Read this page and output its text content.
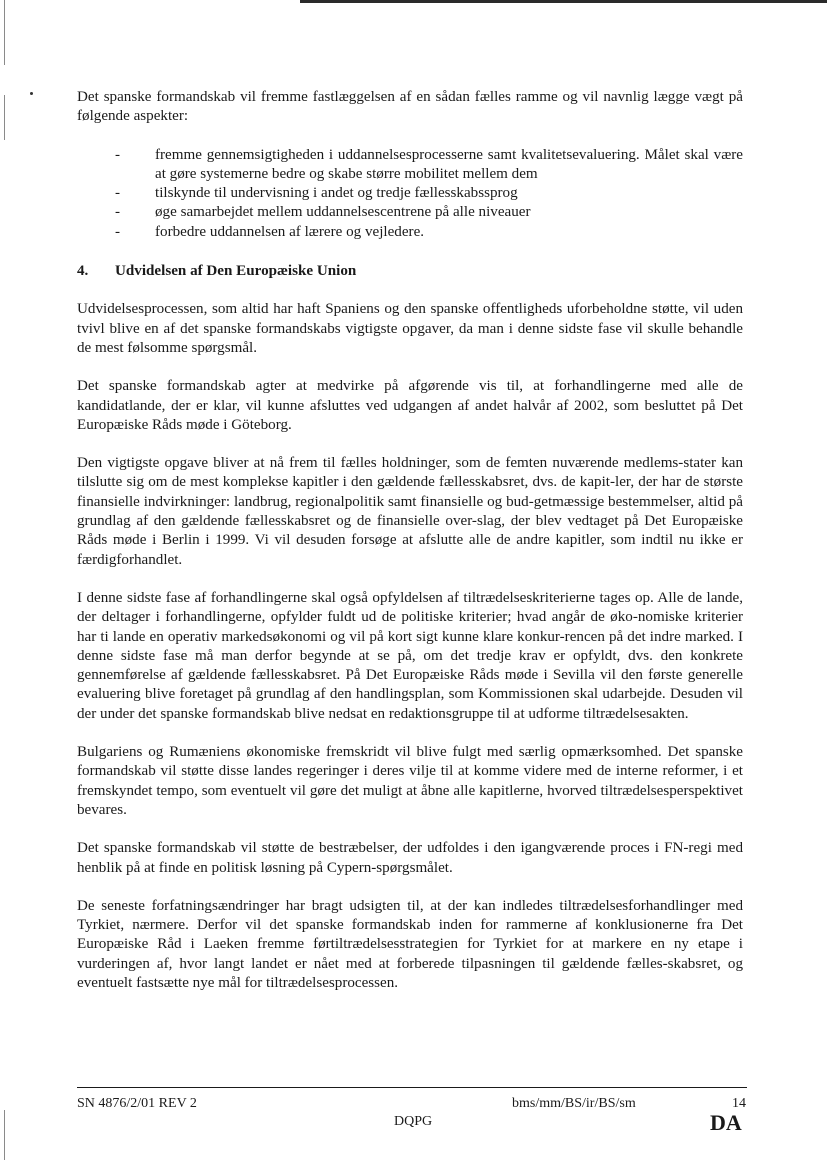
Det spanske formandskab vil fremme fastlæggelsen af en sådan fælles ramme og vil navnlig lægge vægt på følgende aspekter:

- fremme gennemsigtigheden i uddannelsesprocesserne samt kvalitetsevaluering. Målet skal være at gøre systemerne bedre og skabe større mobilitet mellem dem
- tilskynde til undervisning i andet og tredje fællesskabssprog
- øge samarbejdet mellem uddannelsescentrene på alle niveauer
- forbedre uddannelsen af lærere og vejledere.
4.	Udvidelsen af Den Europæiske Union

Udvidelsesprocessen, som altid har haft Spaniens og den spanske offentligheds uforbeholdne støtte, vil uden tvivl blive en af det spanske formandskabs vigtigste opgaver, da man i denne sidste fase vil skulle behandle de mest følsomme spørgsmål.

Det spanske formandskab agter at medvirke på afgørende vis til, at forhandlingerne med alle de kandidatlande, der er klar, vil kunne afsluttes ved udgangen af andet halvår af 2002, som besluttet på Det Europæiske Råds møde i Göteborg.

Den vigtigste opgave bliver at nå frem til fælles holdninger, som de femten nuværende medlems-stater kan tilslutte sig om de mest komplekse kapitler i den gældende fællesskabsret, dvs. de kapit-ler, der har de største finansielle indvirkninger: landbrug, regionalpolitik samt finansielle og bud-getmæssige bestemmelser, altid på grundlag af den gældende fællesskabsret og de finansielle over-slag, der blev vedtaget på Det Europæiske Råds møde i Berlin i 1999. Vi vil desuden forsøge at afslutte alle de andre kapitler, som indtil nu ikke er færdigforhandlet.

I denne sidste fase af forhandlingerne skal også opfyldelsen af tiltrædelseskriterierne tages op. Alle de lande, der deltager i forhandlingerne, opfylder fuldt ud de politiske kriterier; hvad angår de øko-nomiske kriterier har ti lande en operativ markedsøkonomi og vil på kort sigt kunne klare konkur-rencen på det indre marked. I denne sidste fase må man derfor begynde at se på, om det tredje krav er opfyldt, dvs. den konkrete gennemførelse af gældende fællesskabsret. På Det Europæiske Råds møde i Sevilla vil den første generelle evaluering blive foretaget på grundlag af den handlingsplan, som Kommissionen skal udarbejde. Desuden vil der under det spanske formandskab blive nedsat en redaktionsgruppe til at udforme tiltrædelsesakten.

Bulgariens og Rumæniens økonomiske fremskridt vil blive fulgt med særlig opmærksomhed. Det spanske formandskab vil støtte disse landes regeringer i deres vilje til at komme videre med de interne reformer, i et fremskyndet tempo, som eventuelt vil gøre det muligt at åbne alle kapitlerne, hvorved tiltrædelsesperspektivet bevares.

Det spanske formandskab vil støtte de bestræbelser, der udfoldes i den igangværende proces i FN-regi med henblik på at finde en politisk løsning på Cypern-spørgsmålet.

De seneste forfatningsændringer har bragt udsigten til, at der kan indledes tiltrædelsesforhandlinger med Tyrkiet, nærmere. Derfor vil det spanske formandskab inden for rammerne af konklusionerne fra Det Europæiske Råd i Laeken fremme førtiltrædelsesstrategien for Tyrkiet for at markere en ny etape i vurderingen af, hvor langt landet er nået med at forberede tilpasningen til gældende fælles-skabsret, og eventuelt fastsætte nye mål for tiltrædelsesprocessen.

SN 4876/2/01 REV 2	bms/mm/BS/ir/BS/sm	14
DQPG	DA
